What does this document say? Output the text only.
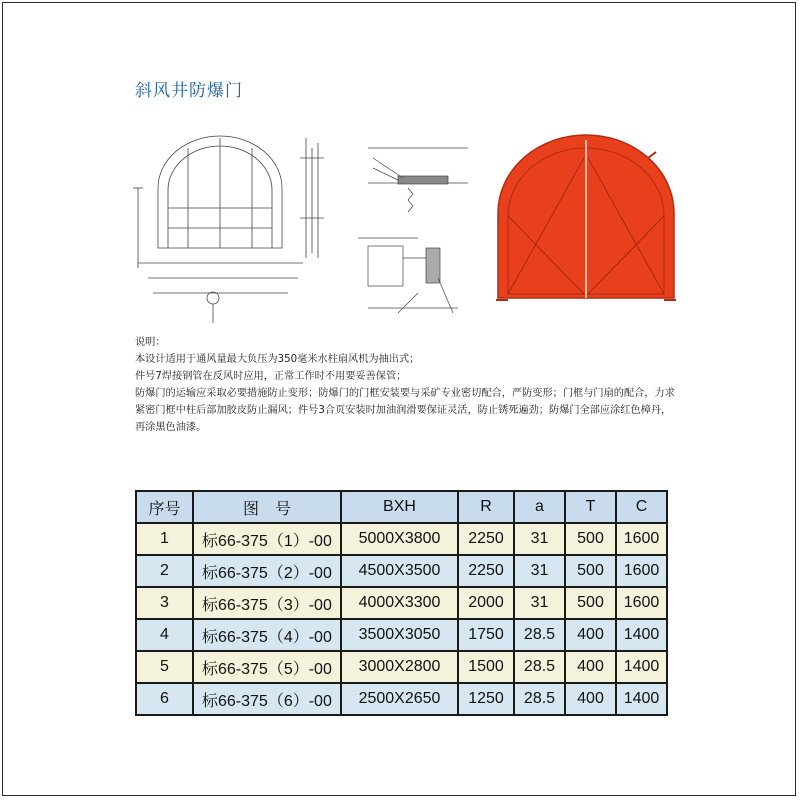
斜风井防爆门

说明：

本设计适用于通风量最大负压为350毫米水柱扇风机为抽出式；

件号7焊接钢管在反风时应用，正常工作时不用要妥善保管；

防爆门的运输应采取必要措施防止变形；防爆门的门框安装要与采矿专业密切配合，严防变形；门框与门扇的配合，力求紧密门框中柱后部加胶皮防止漏风；件号3合页安装时加油润滑要保证灵活，防止锈死遍劲；防爆门全部应涂红色樟丹，再涂黑色油漆。

序号	图　号	BXH	R	a	T	C
1	标66-375（1）-00	5000X3800	2250	31	500	1600
2	标66-375（2）-00	4500X3500	2250	31	500	1600
3	标66-375（3）-00	4000X3300	2000	31	500	1600
4	标66-375（4）-00	3500X3050	1750	28.5	400	1400
5	标66-375（5）-00	3000X2800	1500	28.5	400	1400
6	标66-375（6）-00	2500X2650	1250	28.5	400	1400
